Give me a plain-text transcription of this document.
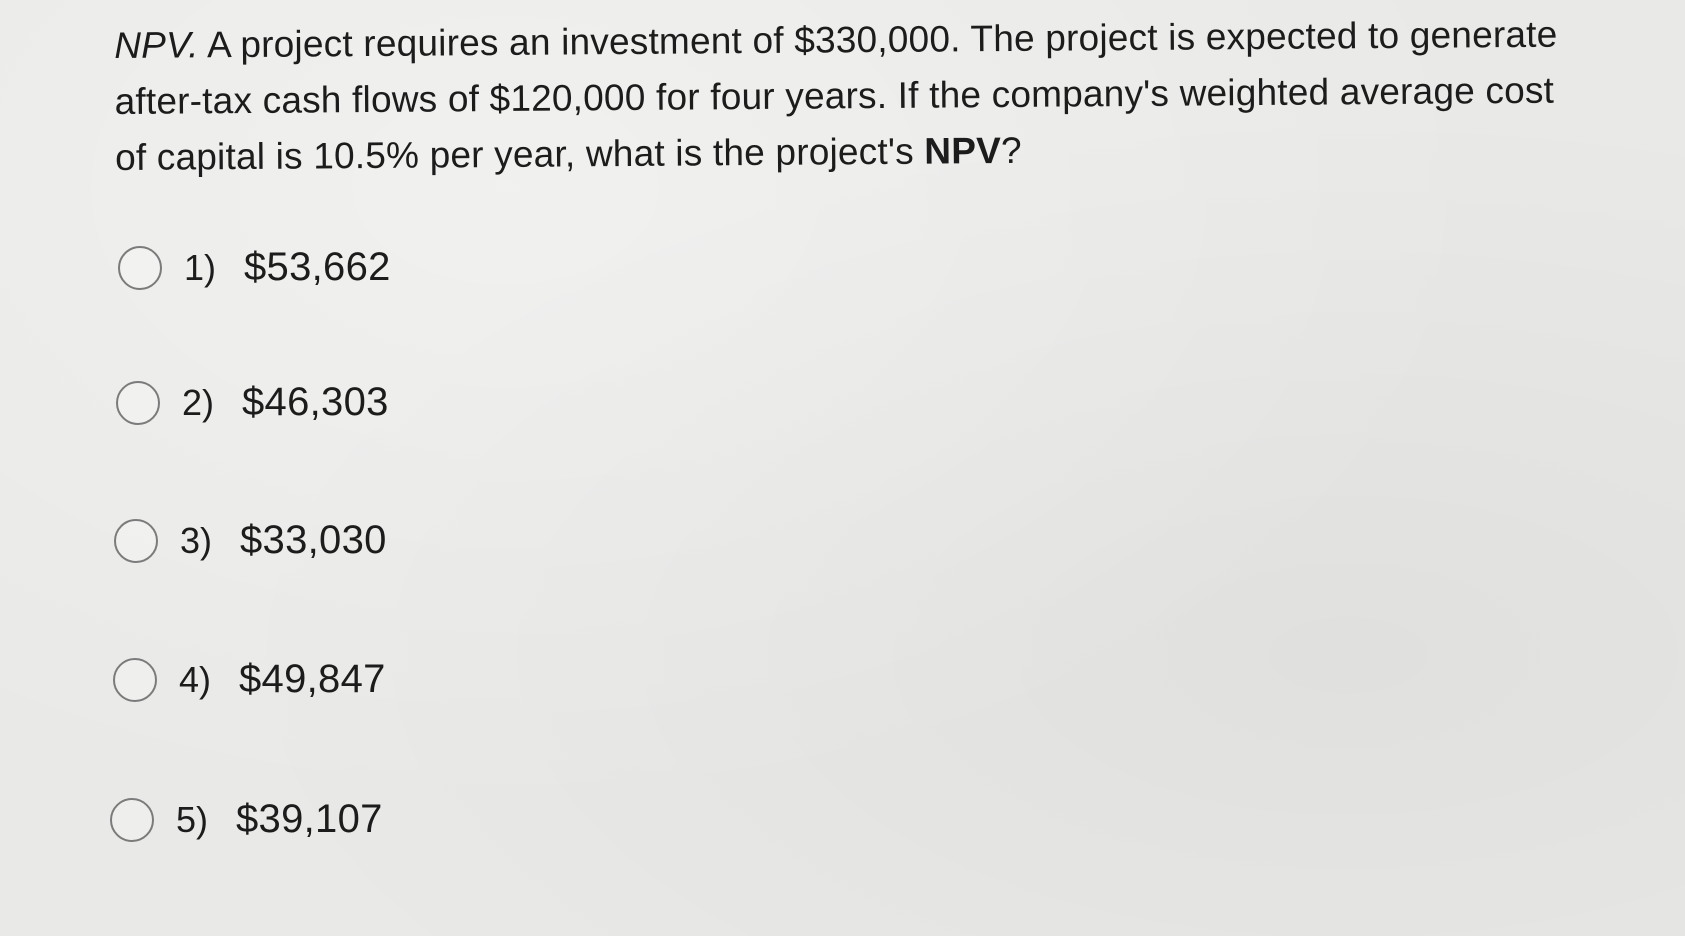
NPV. A project requires an investment of $330,000. The project is expected to generate after-tax cash flows of $120,000 for four years. If the company's weighted average cost of capital is 10.5% per year, what is the project's NPV?
1) $53,662
2) $46,303
3) $33,030
4) $49,847
5) $39,107
